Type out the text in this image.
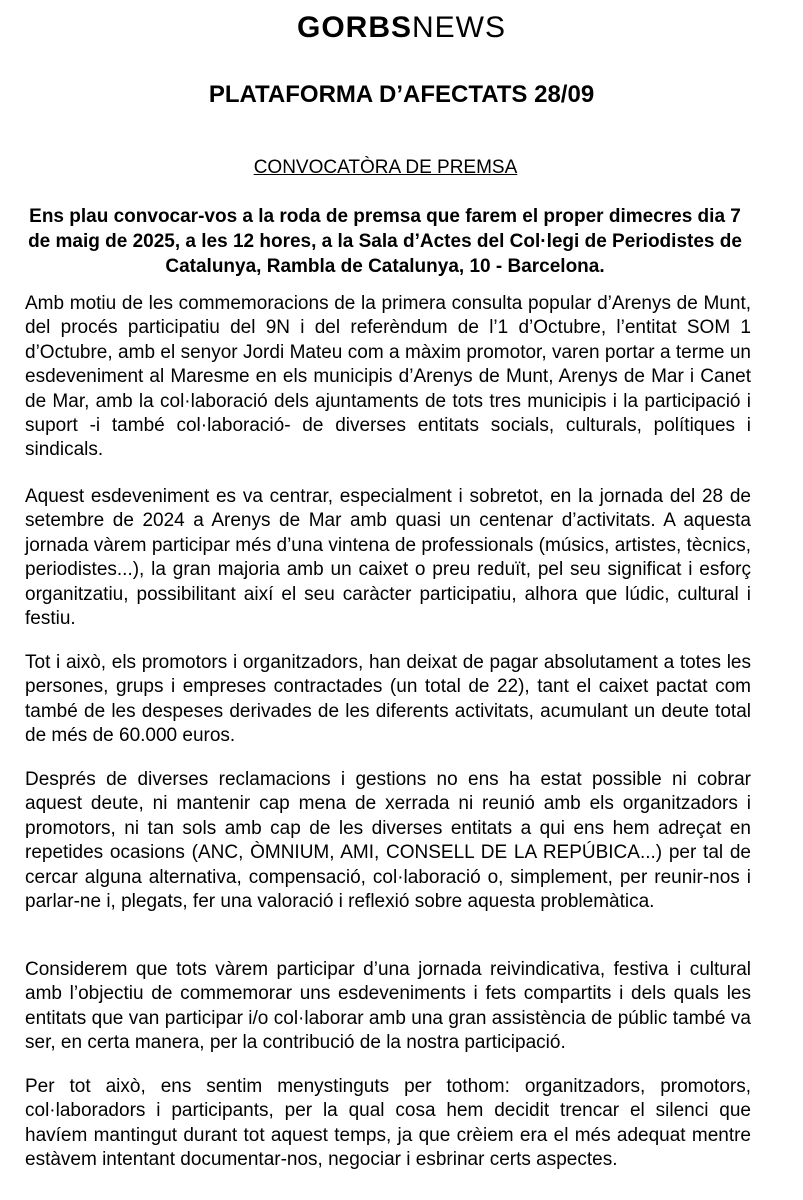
GORBSNEWS
PLATAFORMA D’AFECTATS 28/09
CONVOCATÒRA DE PREMSA

Ens plau convocar-vos a la roda de premsa que farem el proper dimecres dia 7 de maig de 2025, a les 12 hores, a la Sala d’Actes del Col·legi de Periodistes de Catalunya, Rambla de Catalunya, 10 - Barcelona.

Amb motiu de les commemoracions de la primera consulta popular d’Arenys de Munt, del procés participatiu del 9N i del referèndum de l’1 d’Octubre, l’entitat SOM 1 d’Octubre, amb el senyor Jordi Mateu com a màxim promotor, varen portar a terme un esdeveniment al Maresme en els municipis d’Arenys de Munt, Arenys de Mar i Canet de Mar, amb la col·laboració dels ajuntaments de tots tres municipis i la participació i suport -i també col·laboració- de diverses entitats socials, culturals, polítiques i sindicals.

Aquest esdeveniment es va centrar, especialment i sobretot, en la jornada del 28 de setembre de 2024 a Arenys de Mar amb quasi un centenar d’activitats. A aquesta jornada vàrem participar més d’una vintena de professionals (músics, artistes, tècnics, periodistes...), la gran majoria amb un caixet o preu reduït, pel seu significat i esforç organitzatiu, possibilitant així el seu caràcter participatiu, alhora que lúdic, cultural i festiu.

Tot i això, els promotors i organitzadors, han deixat de pagar absolutament a totes les persones, grups i empreses contractades (un total de 22), tant el caixet pactat com també de les despeses derivades de les diferents activitats, acumulant un deute total de més de 60.000 euros.

Després de diverses reclamacions i gestions no ens ha estat possible ni cobrar aquest deute, ni mantenir cap mena de xerrada ni reunió amb els organitzadors i promotors, ni tan sols amb cap de les diverses entitats a qui ens hem adreçat en repetides ocasions (ANC, ÒMNIUM, AMI, CONSELL DE LA REPÚBICA...) per tal de cercar alguna alternativa, compensació, col·laboració o, simplement, per reunir-nos i parlar-ne i, plegats, fer una valoració i reflexió sobre aquesta problemàtica.

Considerem que tots vàrem participar d’una jornada reivindicativa, festiva i cultural amb l’objectiu de commemorar uns esdeveniments i fets compartits i dels quals les entitats que van participar i/o col·laborar amb una gran assistència de públic també va ser, en certa manera, per la contribució de la nostra participació.

Per tot això, ens sentim menystinguts per tothom: organitzadors, promotors, col·laboradors i participants, per la qual cosa hem decidit trencar el silenci que havíem mantingut durant tot aquest temps, ja que crèiem era el més adequat mentre estàvem intentant documentar-nos, negociar i esbrinar certs aspectes.
